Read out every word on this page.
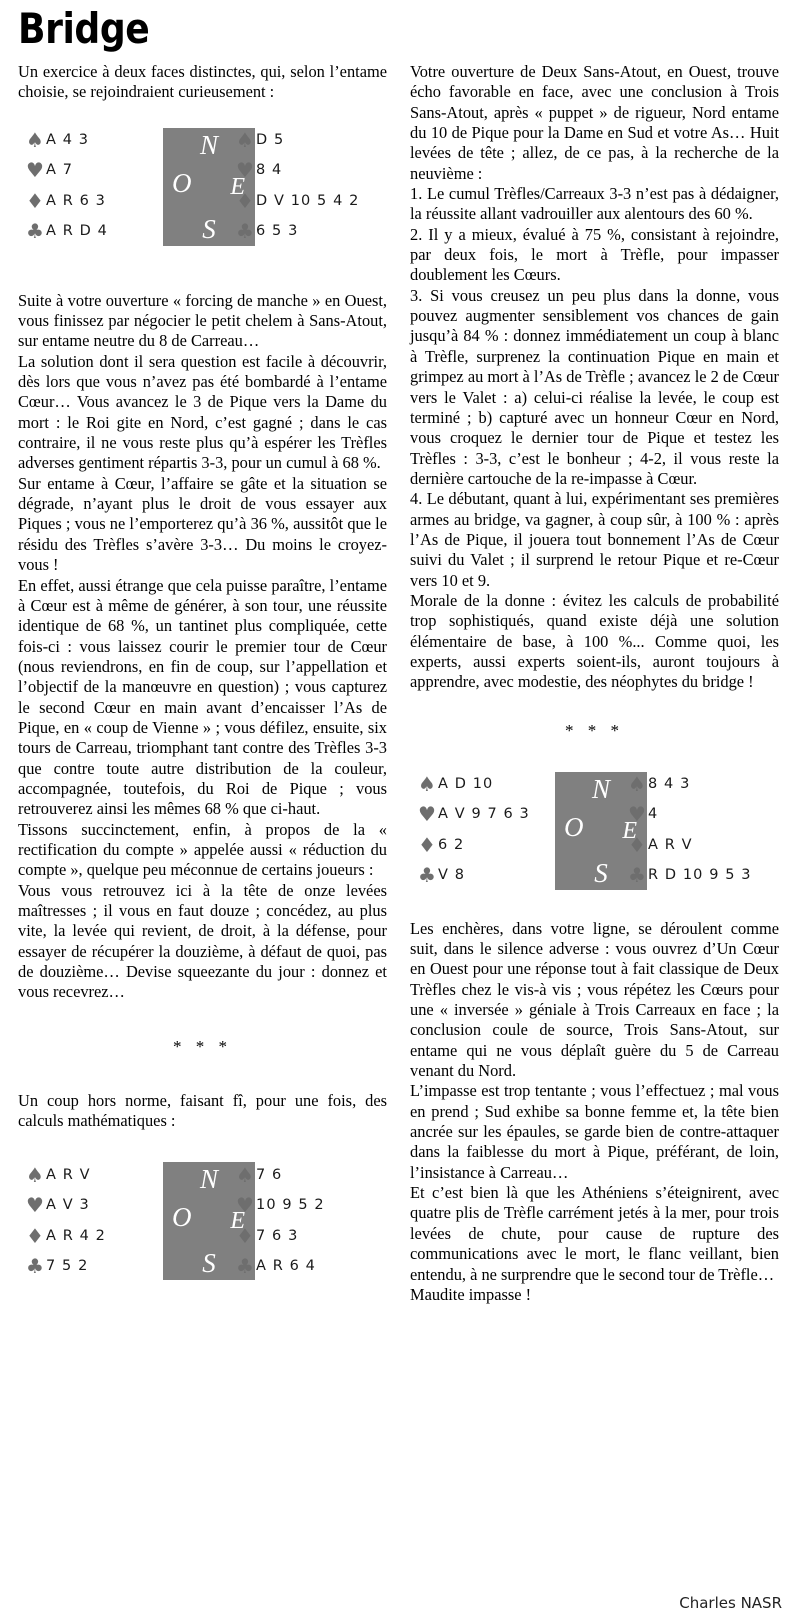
Bridge

Un exercice à deux faces distinctes, qui, selon l’entame choisie, se rejoindraient curieusement :

♠ A 4 3
♥ A 7
♦ A R 6 3
♣ A R D 4
N
O E
S
♠ D 5
♥ 8 4
♦ D V 10 5 4 2
♣ 6 5 3

Suite à votre ouverture « forcing de manche » en Ouest, vous finissez par négocier le petit chelem à Sans-Atout, sur entame neutre du 8 de Carreau…

La solution dont il sera question est facile à découvrir, dès lors que vous n’avez pas été bombardé à l’entame Cœur… Vous avancez le 3 de Pique vers la Dame du mort : le Roi gite en Nord, c’est gagné ; dans le cas contraire, il ne vous reste plus qu’à espérer les Trèfles adverses gentiment répartis 3-3, pour un cumul à 68 %.

Sur entame à Cœur, l’affaire se gâte et la situation se dégrade, n’ayant plus le droit de vous essayer aux Piques ; vous ne l’emporterez qu’à 36 %, aussitôt que le résidu des Trèfles s’avère 3-3… Du moins le croyez-vous !

En effet, aussi étrange que cela puisse paraître, l’entame à Cœur est à même de générer, à son tour, une réussite identique de 68 %, un tantinet plus compliquée, cette fois-ci : vous laissez courir le premier tour de Cœur (nous reviendrons, en fin de coup, sur l’appellation et l’objectif de la manœuvre en question) ; vous capturez le second Cœur en main avant d’encaisser l’As de Pique, en « coup de Vienne » ; vous défilez, ensuite, six tours de Carreau, triomphant tant contre des Trèfles 3-3 que contre toute autre distribution de la couleur, accompagnée, toutefois, du Roi de Pique ; vous retrouverez ainsi les mêmes 68 % que ci-haut.

Tissons succinctement, enfin, à propos de la « rectification du compte » appelée aussi « réduction du compte », quelque peu méconnue de certains joueurs :

Vous vous retrouvez ici à la tête de onze levées maîtresses ; il vous en faut douze ; concédez, au plus vite, la levée qui revient, de droit, à la défense, pour essayer de récupérer la douzième, à défaut de quoi, pas de douzième… Devise squeezante du jour : donnez et vous recevrez…

* * *

Un coup hors norme, faisant fî, pour une fois, des calculs mathématiques :

♠ A R V
♥ A V 3
♦ A R 4 2
♣ 7 5 2
N
O E
S
♠ 7 6
♥ 10 9 5 2
♦ 7 6 3
♣ A R 6 4

Votre ouverture de Deux Sans-Atout, en Ouest, trouve écho favorable en face, avec une conclusion à Trois Sans-Atout, après « puppet » de rigueur, Nord entame du 10 de Pique pour la Dame en Sud et votre As… Huit levées de tête ; allez, de ce pas, à la recherche de la neuvième :

1. Le cumul Trèfles/Carreaux 3-3 n’est pas à dédaigner, la réussite allant vadrouiller aux alentours des 60 %.

2. Il y a mieux, évalué à 75 %, consistant à rejoindre, par deux fois, le mort à Trèfle, pour impasser doublement les Cœurs.

3. Si vous creusez un peu plus dans la donne, vous pouvez augmenter sensiblement vos chances de gain jusqu’à 84 % : donnez immédiatement un coup à blanc à Trèfle, surprenez la continuation Pique en main et grimpez au mort à l’As de Trèfle ; avancez le 2 de Cœur vers le Valet : a) celui-ci réalise la levée, le coup est terminé ; b) capturé avec un honneur Cœur en Nord, vous croquez le dernier tour de Pique et testez les Trèfles : 3-3, c’est le bonheur ; 4-2, il vous reste la dernière cartouche de la re-impasse à Cœur.

4. Le débutant, quant à lui, expérimentant ses premières armes au bridge, va gagner, à coup sûr, à 100 % : après l’As de Pique, il jouera tout bonnement l’As de Cœur suivi du Valet ; il surprend le retour Pique et re-Cœur vers 10 et 9.

Morale de la donne : évitez les calculs de probabilité trop sophistiqués, quand existe déjà une solution élémentaire de base, à 100 %... Comme quoi, les experts, aussi experts soient-ils, auront toujours à apprendre, avec modestie, des néophytes du bridge !

* * *

♠ A D 10
♥ A V 9 7 6 3
♦ 6 2
♣ V 8
N
O E
S
♠ 8 4 3
♥ 4
♦ A R V
♣ R D 10 9 5 3

Les enchères, dans votre ligne, se déroulent comme suit, dans le silence adverse : vous ouvrez d’Un Cœur en Ouest pour une réponse tout à fait classique de Deux Trèfles chez le vis-à vis ; vous répétez les Cœurs pour une « inversée » géniale à Trois Carreaux en face ; la conclusion coule de source, Trois Sans-Atout, sur entame qui ne vous déplaît guère du 5 de Carreau venant du Nord.

L’impasse est trop tentante ; vous l’effectuez ; mal vous en prend ; Sud exhibe sa bonne femme et, la tête bien ancrée sur les épaules, se garde bien de contre-attaquer dans la faiblesse du mort à Pique, préférant, de loin, l’insistance à Carreau…

Et c’est bien là que les Athéniens s’éteignirent, avec quatre plis de Trèfle carrément jetés à la mer, pour trois levées de chute, pour cause de rupture des communications avec le mort, le flanc veillant, bien entendu, à ne surprendre que le second tour de Trèfle…

Maudite impasse !

Charles NASR
